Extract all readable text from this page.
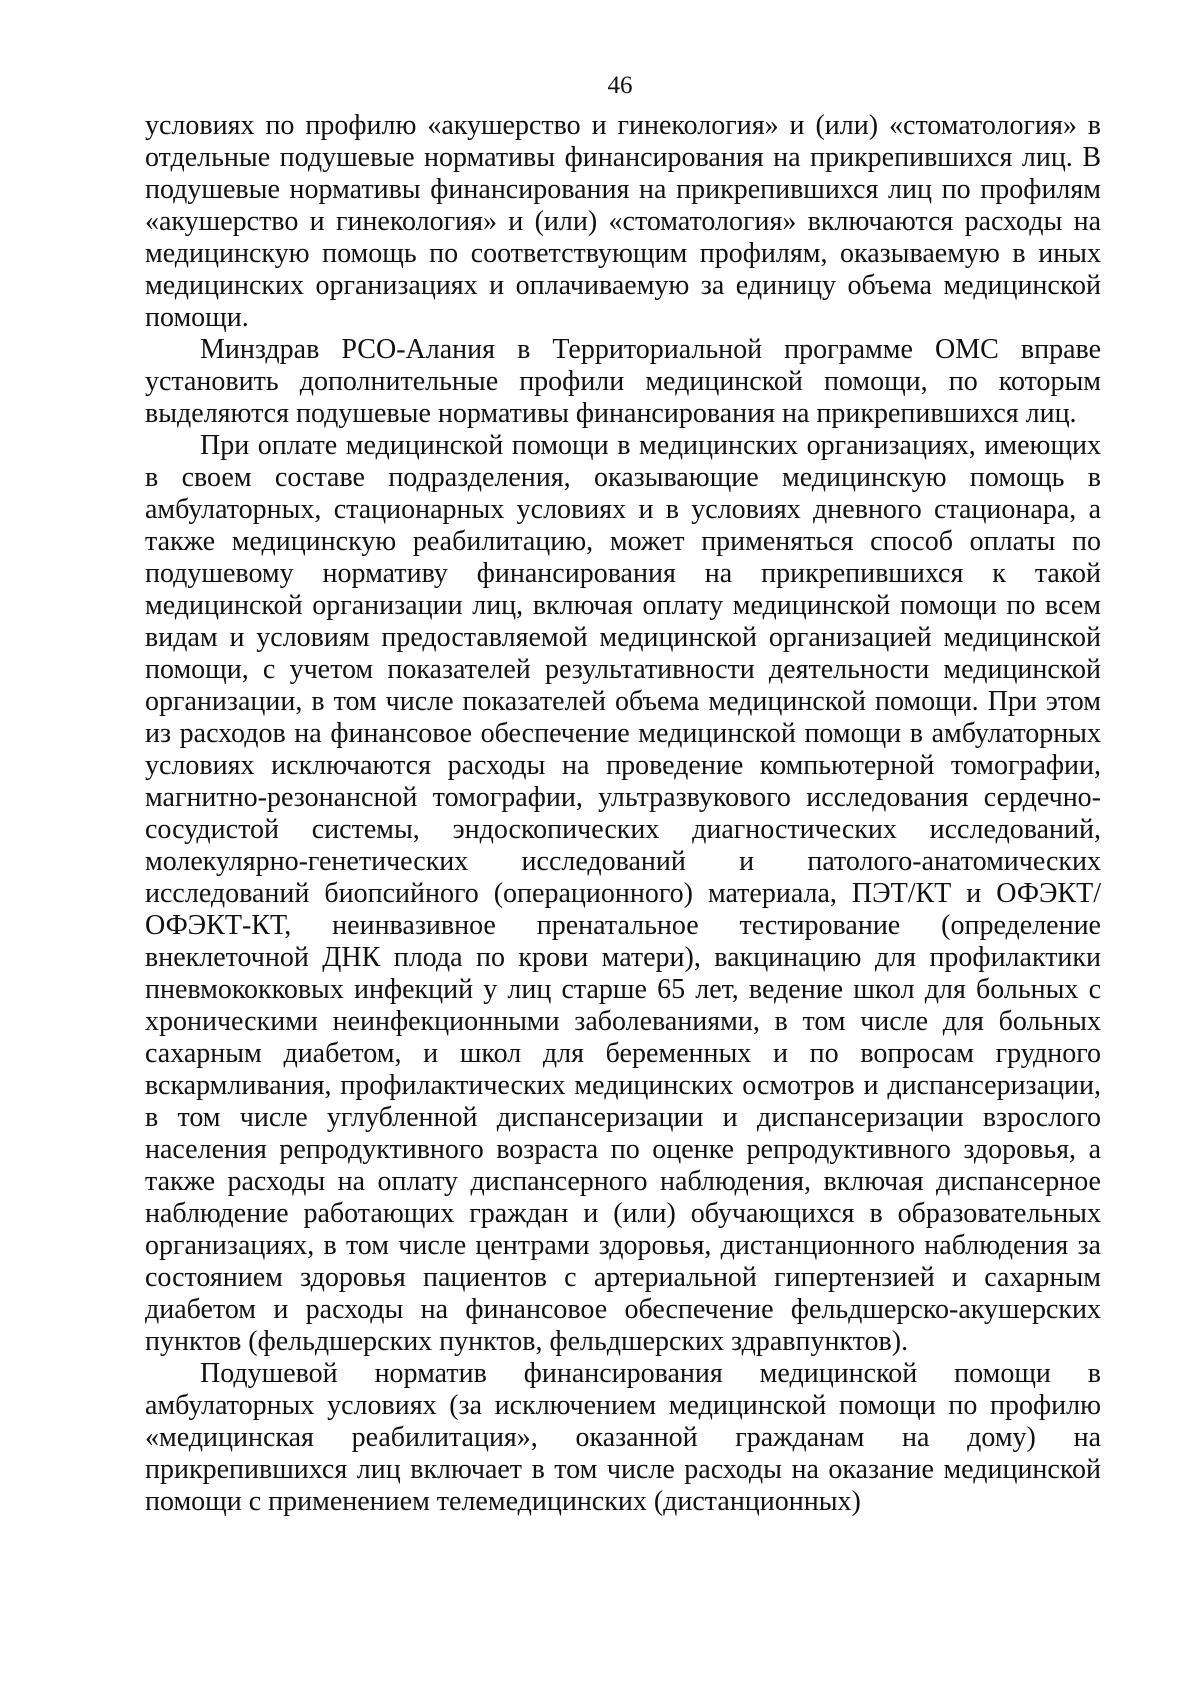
46

условиях по профилю «акушерство и гинекология» и (или) «стоматология» в отдельные подушевые нормативы финансирования на прикрепившихся лиц. В подушевые нормативы финансирования на прикрепившихся лиц по профилям «акушерство и гинекология» и (или) «стоматология» включаются расходы на медицинскую помощь по соответствующим профилям, оказываемую в иных медицинских организациях и оплачиваемую за единицу объема медицинской помощи.

Минздрав РСО-Алания в Территориальной программе ОМС вправе установить дополнительные профили медицинской помощи, по которым выделяются подушевые нормативы финансирования на прикрепившихся лиц.

При оплате медицинской помощи в медицинских организациях, имеющих в своем составе подразделения, оказывающие медицинскую помощь в амбулаторных, стационарных условиях и в условиях дневного стационара, а также медицинскую реабилитацию, может применяться способ оплаты по подушевому нормативу финансирования на прикрепившихся к такой медицинской организации лиц, включая оплату медицинской помощи по всем видам и условиям предоставляемой медицинской организацией медицинской помощи, с учетом показателей результативности деятельности медицинской организации, в том числе показателей объема медицинской помощи. При этом из расходов на финансовое обеспечение медицинской помощи в амбулаторных условиях исключаются расходы на проведение компьютерной томографии, магнитно-резонансной томографии, ультразвукового исследования сердечно-сосудистой системы, эндоскопических диагностических исследований, молекулярно-генетических исследований и патолого-анатомических исследований биопсийного (операционного) материала, ПЭТ/КТ и ОФЭКТ/ОФЭКТ-КТ, неинвазивное пренатальное тестирование (определение внеклеточной ДНК плода по крови матери), вакцинацию для профилактики пневмококковых инфекций у лиц старше 65 лет, ведение школ для больных с хроническими неинфекционными заболеваниями, в том числе для больных сахарным диабетом, и школ для беременных и по вопросам грудного вскармливания, профилактических медицинских осмотров и диспансеризации, в том числе углубленной диспансеризации и диспансеризации взрослого населения репродуктивного возраста по оценке репродуктивного здоровья, а также расходы на оплату диспансерного наблюдения, включая диспансерное наблюдение работающих граждан и (или) обучающихся в образовательных организациях, в том числе центрами здоровья, дистанционного наблюдения за состоянием здоровья пациентов с артериальной гипертензией и сахарным диабетом и расходы на финансовое обеспечение фельдшерско-акушерских пунктов (фельдшерских пунктов, фельдшерских здравпунктов).

Подушевой норматив финансирования медицинской помощи в амбулаторных условиях (за исключением медицинской помощи по профилю «медицинская реабилитация», оказанной гражданам на дому) на прикрепившихся лиц включает в том числе расходы на оказание медицинской помощи с применением телемедицинских (дистанционных)
